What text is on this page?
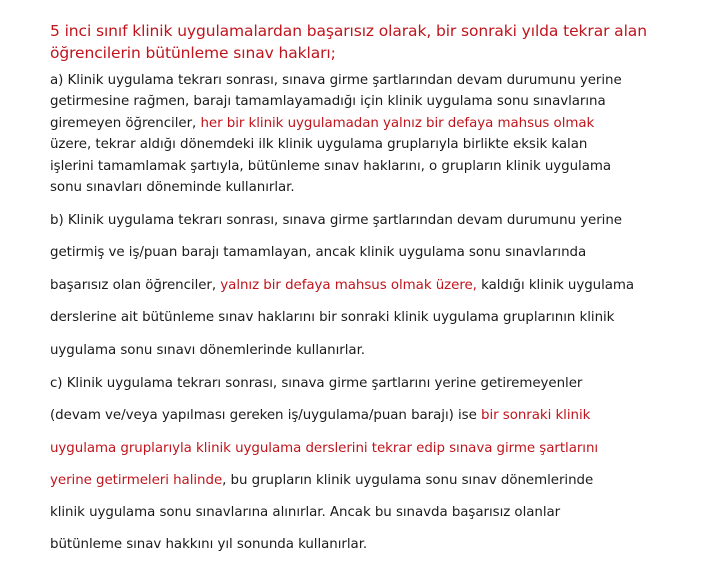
5 inci sınıf klinik uygulamalardan başarısız olarak, bir sonraki yılda tekrar alan
öğrencilerin bütünleme sınav hakları;
a) Klinik uygulama tekrarı sonrası, sınava girme şartlarından devam durumunu yerine
getirmesine rağmen, barajı tamamlayamadığı için klinik uygulama sonu sınavlarına
giremeyen öğrenciler, her bir klinik uygulamadan yalnız bir defaya mahsus olmak
üzere, tekrar aldığı dönemdeki ilk klinik uygulama gruplarıyla birlikte eksik kalan
işlerini tamamlamak şartıyla, bütünleme sınav haklarını, o grupların klinik uygulama
sonu sınavları döneminde kullanırlar.
b) Klinik uygulama tekrarı sonrası, sınava girme şartlarından devam durumunu yerine
getirmiş ve iş/puan barajı tamamlayan, ancak klinik uygulama sonu sınavlarında
başarısız olan öğrenciler, yalnız bir defaya mahsus olmak üzere, kaldığı klinik uygulama
derslerine ait bütünleme sınav haklarını bir sonraki klinik uygulama gruplarının klinik
uygulama sonu sınavı dönemlerinde kullanırlar.
c) Klinik uygulama tekrarı sonrası, sınava girme şartlarını yerine getiremeyenler
(devam ve/veya yapılması gereken iş/uygulama/puan barajı) ise bir sonraki klinik
uygulama gruplarıyla klinik uygulama derslerini tekrar edip sınava girme şartlarını
yerine getirmeleri halinde, bu grupların klinik uygulama sonu sınav dönemlerinde
klinik uygulama sonu sınavlarına alınırlar. Ancak bu sınavda başarısız olanlar
bütünleme sınav hakkını yıl sonunda kullanırlar.
